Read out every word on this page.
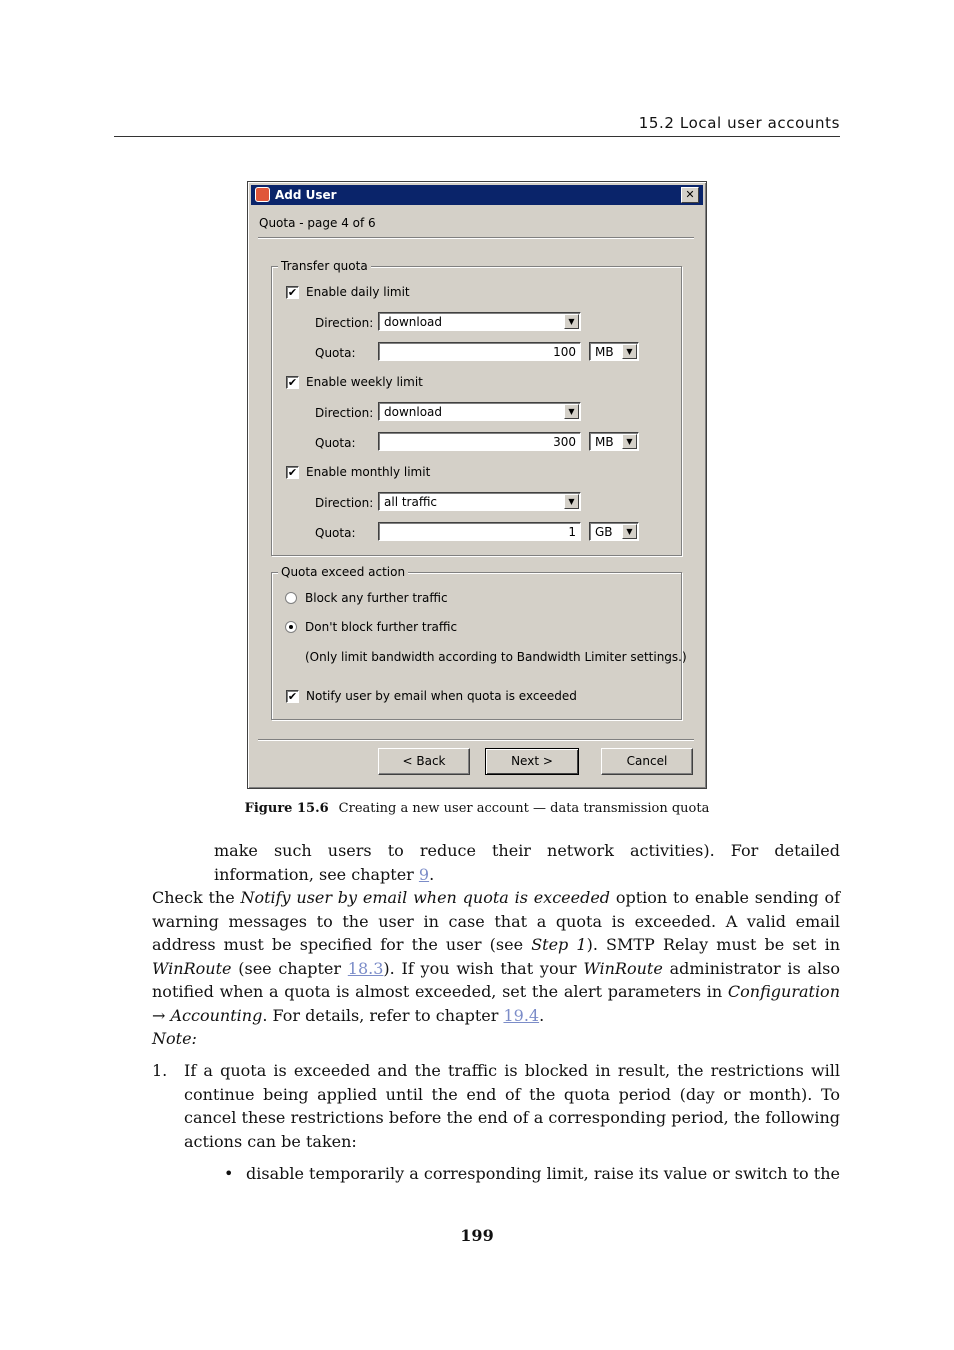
15.2 Local user accounts
Add User	✕
Quota - page 4 of 6
Transfer quota
✔ Enable daily limit
Direction: download	▼
Quota:	100 MB	▼
✔ Enable weekly limit
Direction: download	▼
Quota:	300 MB	▼
✔ Enable monthly limit
Direction: all traffic	▼
Quota:	1 GB	▼
Quota exceed action
Block any further traffic
Don't block further traffic
(Only limit bandwidth according to Bandwidth Limiter settings.)
✔ Notify user by email when quota is exceeded
< Back	Next >	Cancel
Figure 15.6 Creating a new user account — data transmission quota
make such users to reduce their network activities). For detailed information, see chapter 9.
Check the Notify user by email when quota is exceeded option to enable sending of warning messages to the user in case that a quota is exceeded. A valid email address must be specified for the user (see Step 1). SMTP Relay must be set in WinRoute (see chapter 18.3). If you wish that your WinRoute administrator is also notified when a quota is almost exceeded, set the alert parameters in Configuration → Accounting. For details, refer to chapter 19.4.
Note:
1.	If a quota is exceeded and the traffic is blocked in result, the restrictions will continue being applied until the end of the quota period (day or month). To cancel these restrictions before the end of a corresponding period, the following actions can be taken:
• disable temporarily a corresponding limit, raise its value or switch to the
199
